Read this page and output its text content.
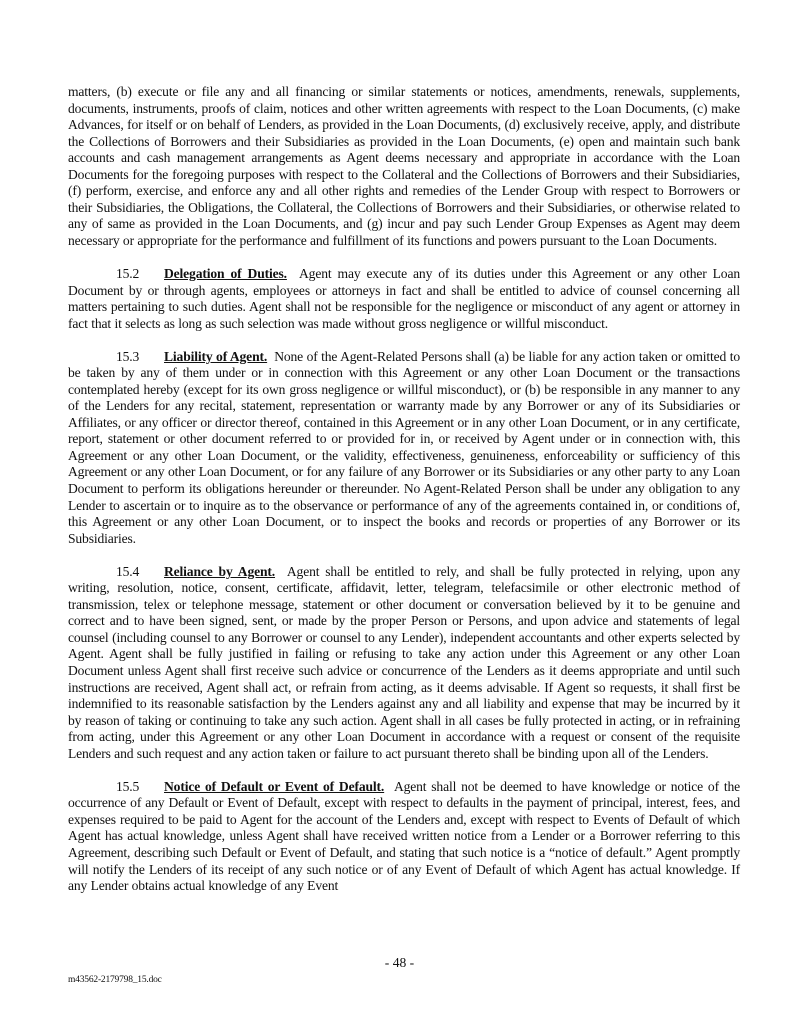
matters, (b) execute or file any and all financing or similar statements or notices, amendments, renewals, supplements, documents, instruments, proofs of claim, notices and other written agreements with respect to the Loan Documents, (c) make Advances, for itself or on behalf of Lenders, as provided in the Loan Documents, (d) exclusively receive, apply, and distribute the Collections of Borrowers and their Subsidiaries as provided in the Loan Documents, (e) open and maintain such bank accounts and cash management arrangements as Agent deems necessary and appropriate in accordance with the Loan Documents for the foregoing purposes with respect to the Collateral and the Collections of Borrowers and their Subsidiaries, (f) perform, exercise, and enforce any and all other rights and remedies of the Lender Group with respect to Borrowers or their Subsidiaries, the Obligations, the Collateral, the Collections of Borrowers and their Subsidiaries, or otherwise related to any of same as provided in the Loan Documents, and (g) incur and pay such Lender Group Expenses as Agent may deem necessary or appropriate for the performance and fulfillment of its functions and powers pursuant to the Loan Documents.

15.2 Delegation of Duties. Agent may execute any of its duties under this Agreement or any other Loan Document by or through agents, employees or attorneys in fact and shall be entitled to advice of counsel concerning all matters pertaining to such duties. Agent shall not be responsible for the negligence or misconduct of any agent or attorney in fact that it selects as long as such selection was made without gross negligence or willful misconduct.

15.3 Liability of Agent. None of the Agent-Related Persons shall (a) be liable for any action taken or omitted to be taken by any of them under or in connection with this Agreement or any other Loan Document or the transactions contemplated hereby (except for its own gross negligence or willful misconduct), or (b) be responsible in any manner to any of the Lenders for any recital, statement, representation or warranty made by any Borrower or any of its Subsidiaries or Affiliates, or any officer or director thereof, contained in this Agreement or in any other Loan Document, or in any certificate, report, statement or other document referred to or provided for in, or received by Agent under or in connection with, this Agreement or any other Loan Document, or the validity, effectiveness, genuineness, enforceability or sufficiency of this Agreement or any other Loan Document, or for any failure of any Borrower or its Subsidiaries or any other party to any Loan Document to perform its obligations hereunder or thereunder. No Agent-Related Person shall be under any obligation to any Lender to ascertain or to inquire as to the observance or performance of any of the agreements contained in, or conditions of, this Agreement or any other Loan Document, or to inspect the books and records or properties of any Borrower or its Subsidiaries.

15.4 Reliance by Agent. Agent shall be entitled to rely, and shall be fully protected in relying, upon any writing, resolution, notice, consent, certificate, affidavit, letter, telegram, telefacsimile or other electronic method of transmission, telex or telephone message, statement or other document or conversation believed by it to be genuine and correct and to have been signed, sent, or made by the proper Person or Persons, and upon advice and statements of legal counsel (including counsel to any Borrower or counsel to any Lender), independent accountants and other experts selected by Agent. Agent shall be fully justified in failing or refusing to take any action under this Agreement or any other Loan Document unless Agent shall first receive such advice or concurrence of the Lenders as it deems appropriate and until such instructions are received, Agent shall act, or refrain from acting, as it deems advisable. If Agent so requests, it shall first be indemnified to its reasonable satisfaction by the Lenders against any and all liability and expense that may be incurred by it by reason of taking or continuing to take any such action. Agent shall in all cases be fully protected in acting, or in refraining from acting, under this Agreement or any other Loan Document in accordance with a request or consent of the requisite Lenders and such request and any action taken or failure to act pursuant thereto shall be binding upon all of the Lenders.

15.5 Notice of Default or Event of Default. Agent shall not be deemed to have knowledge or notice of the occurrence of any Default or Event of Default, except with respect to defaults in the payment of principal, interest, fees, and expenses required to be paid to Agent for the account of the Lenders and, except with respect to Events of Default of which Agent has actual knowledge, unless Agent shall have received written notice from a Lender or a Borrower referring to this Agreement, describing such Default or Event of Default, and stating that such notice is a “notice of default.” Agent promptly will notify the Lenders of its receipt of any such notice or of any Event of Default of which Agent has actual knowledge. If any Lender obtains actual knowledge of any Event

- 48 -
m43562-2179798_15.doc
